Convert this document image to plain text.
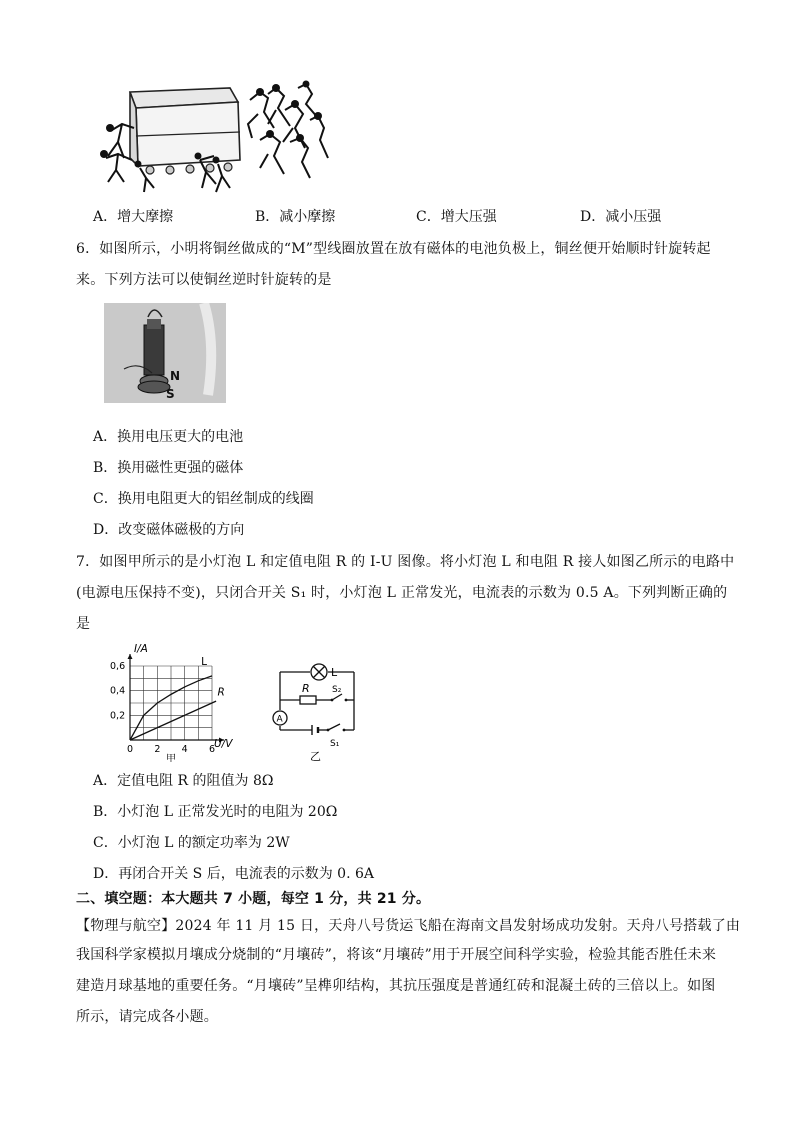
A．增大摩擦	B．减小摩擦	C．增大压强	D．减小压强
6．如图所示，小明将铜丝做成的“M”型线圈放置在放有磁体的电池负极上，铜丝便开始顺时针旋转起
来。下列方法可以使铜丝逆时针旋转的是
N
S
A．换用电压更大的电池
B．换用磁性更强的磁体
C．换用电阻更大的铝丝制成的线圈
D．改变磁体磁极的方向
7．如图甲所示的是小灯泡 L 和定值电阻 R 的 I-U 图像。将小灯泡 L 和电阻 R 接人如图乙所示的电路中
(电源电压保持不变)，只闭合开关 S₁ 时，小灯泡 L 正常发光，电流表的示数为 0.5 A。下列判断正确的
是
0 2 4 6
0,2
0,4
0,6
U/V
I/A
L
R
甲
L
R S₂
A
S₁
乙
A．定值电阻 R 的阻值为 8Ω
B．小灯泡 L 正常发光时的电阻为 20Ω
C．小灯泡 L 的额定功率为 2W
D．再闭合开关 S 后，电流表的示数为 0. 6A
二、填空题：本大题共 7 小题，每空 1 分，共 21 分。
【物理与航空】2024 年 11 月 15 日，天舟八号货运飞船在海南文昌发射场成功发射。天舟八号搭载了由
我国科学家模拟月壤成分烧制的“月壤砖”，将该“月壤砖”用于开展空间科学实验，检验其能否胜任未来
建造月球基地的重要任务。“月壤砖”呈榫卯结构，其抗压强度是普通红砖和混凝土砖的三倍以上。如图
所示，请完成各小题。
